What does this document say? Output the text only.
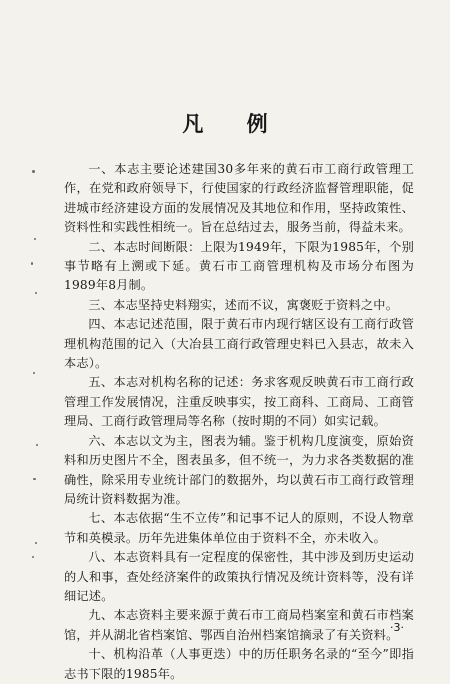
凡 例

一、本志主要论述建国30多年来的黄石市工商行政管理工作，在党和政府领导下，行使国家的行政经济监督管理职能，促进城市经济建设方面的发展情况及其地位和作用，坚持政策性、资料性和实践性相统一。旨在总结过去，服务当前，得益未来。

二、本志时间断限：上限为1949年，下限为1985年，个别事节略有上溯或下延。黄石市工商管理机构及市场分布图为1989年8月制。

三、本志坚持史料翔实，述而不议，寓褒贬于资料之中。

四、本志记述范围，限于黄石市内现行辖区设有工商行政管理机构范围的记入（大冶县工商行政管理史料已入县志，故未入本志）。

五、本志对机构名称的记述：务求客观反映黄石市工商行政管理工作发展情况，注重反映事实，按工商科、工商局、工商管理局、工商行政管理局等名称（按时期的不同）如实记载。

六、本志以文为主，图表为辅。鉴于机构几度演变，原始资料和历史图片不全，图表虽多，但不统一，为力求各类数据的准确性，除采用专业统计部门的数据外，均以黄石市工商行政管理局统计资料数据为准。

七、本志依据“生不立传”和记事不记人的原则，不设人物章节和英模录。历年先进集体单位由于资料不全，亦未收入。

八、本志资料具有一定程度的保密性，其中涉及到历史运动的人和事，查处经济案件的政策执行情况及统计资料等，没有详细记述。

九、本志资料主要来源于黄石市工商局档案室和黄石市档案馆，并从湖北省档案馆、鄂西自治州档案馆摘录了有关资料。

十、机构沿革（人事更迭）中的历任职务名录的“至今”即指志书下限的1985年。

·3·
